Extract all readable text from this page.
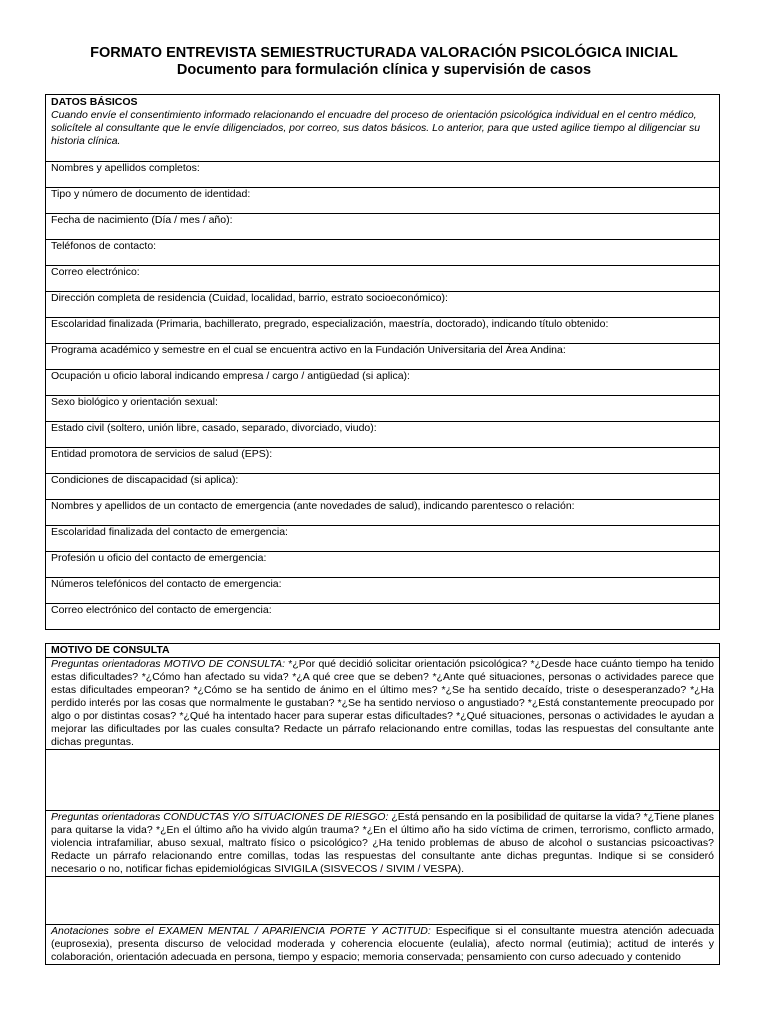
FORMATO ENTREVISTA SEMIESTRUCTURADA VALORACIÓN PSICOLÓGICA INICIAL
Documento para formulación clínica y supervisión de casos
DATOS BÁSICOS
Cuando envíe el consentimiento informado relacionando el encuadre del proceso de orientación psicológica individual en el centro médico, solicítele al consultante que le envíe diligenciados, por correo, sus datos básicos. Lo anterior, para que usted agilice tiempo al diligenciar su historia clínica.

Nombres y apellidos completos:
Tipo y número de documento de identidad:
Fecha de nacimiento (Día / mes / año):
Teléfonos de contacto:
Correo electrónico:
Dirección completa de residencia (Cuidad, localidad, barrio, estrato socioeconómico):
Escolaridad finalizada (Primaria, bachillerato, pregrado, especialización, maestría, doctorado), indicando título obtenido:
Programa académico y semestre en el cual se encuentra activo en la Fundación Universitaria del Área Andina:
Ocupación u oficio laboral indicando empresa / cargo / antigüedad (si aplica):
Sexo biológico y orientación sexual:
Estado civil (soltero, unión libre, casado, separado, divorciado, viudo):
Entidad promotora de servicios de salud (EPS):
Condiciones de discapacidad (si aplica):
Nombres y apellidos de un contacto de emergencia (ante novedades de salud), indicando parentesco o relación:
Escolaridad finalizada del contacto de emergencia:
Profesión u oficio del contacto de emergencia:
Números telefónicos del contacto de emergencia:
Correo electrónico del contacto de emergencia:
MOTIVO DE CONSULTA
Preguntas orientadoras MOTIVO DE CONSULTA: *¿Por qué decidió solicitar orientación psicológica? *¿Desde hace cuánto tiempo ha tenido estas dificultades? *¿Cómo han afectado su vida? *¿A qué cree que se deben? *¿Ante qué situaciones, personas o actividades parece que estas dificultades empeoran? *¿Cómo se ha sentido de ánimo en el último mes? *¿Se ha sentido decaído, triste o desesperanzado? *¿Ha perdido interés por las cosas que normalmente le gustaban? *¿Se ha sentido nervioso o angustiado? *¿Está constantemente preocupado por algo o por distintas cosas? *¿Qué ha intentado hacer para superar estas dificultades? *¿Qué situaciones, personas o actividades le ayudan a mejorar las dificultades por las cuales consulta? Redacte un párrafo relacionando entre comillas, todas las respuestas del consultante ante dichas preguntas.

Preguntas orientadoras CONDUCTAS Y/O SITUACIONES DE RIESGO: ¿Está pensando en la posibilidad de quitarse la vida? *¿Tiene planes para quitarse la vida? *¿En el último año ha vivido algún trauma? *¿En el último año ha sido víctima de crimen, terrorismo, conflicto armado, violencia intrafamiliar, abuso sexual, maltrato físico o psicológico? ¿Ha tenido problemas de abuso de alcohol o sustancias psicoactivas? Redacte un párrafo relacionando entre comillas, todas las respuestas del consultante ante dichas preguntas. Indique si se consideró necesario o no, notificar fichas epidemiológicas SIVIGILA (SISVECOS / SIVIM / VESPA).

Anotaciones sobre el EXAMEN MENTAL / APARIENCIA PORTE Y ACTITUD: Especifique si el consultante muestra atención adecuada (euprosexia), presenta discurso de velocidad moderada y coherencia elocuente (eulalia), afecto normal (eutimia); actitud de interés y colaboración, orientación adecuada en persona, tiempo y espacio; memoria conservada; pensamiento con curso adecuado y contenido
